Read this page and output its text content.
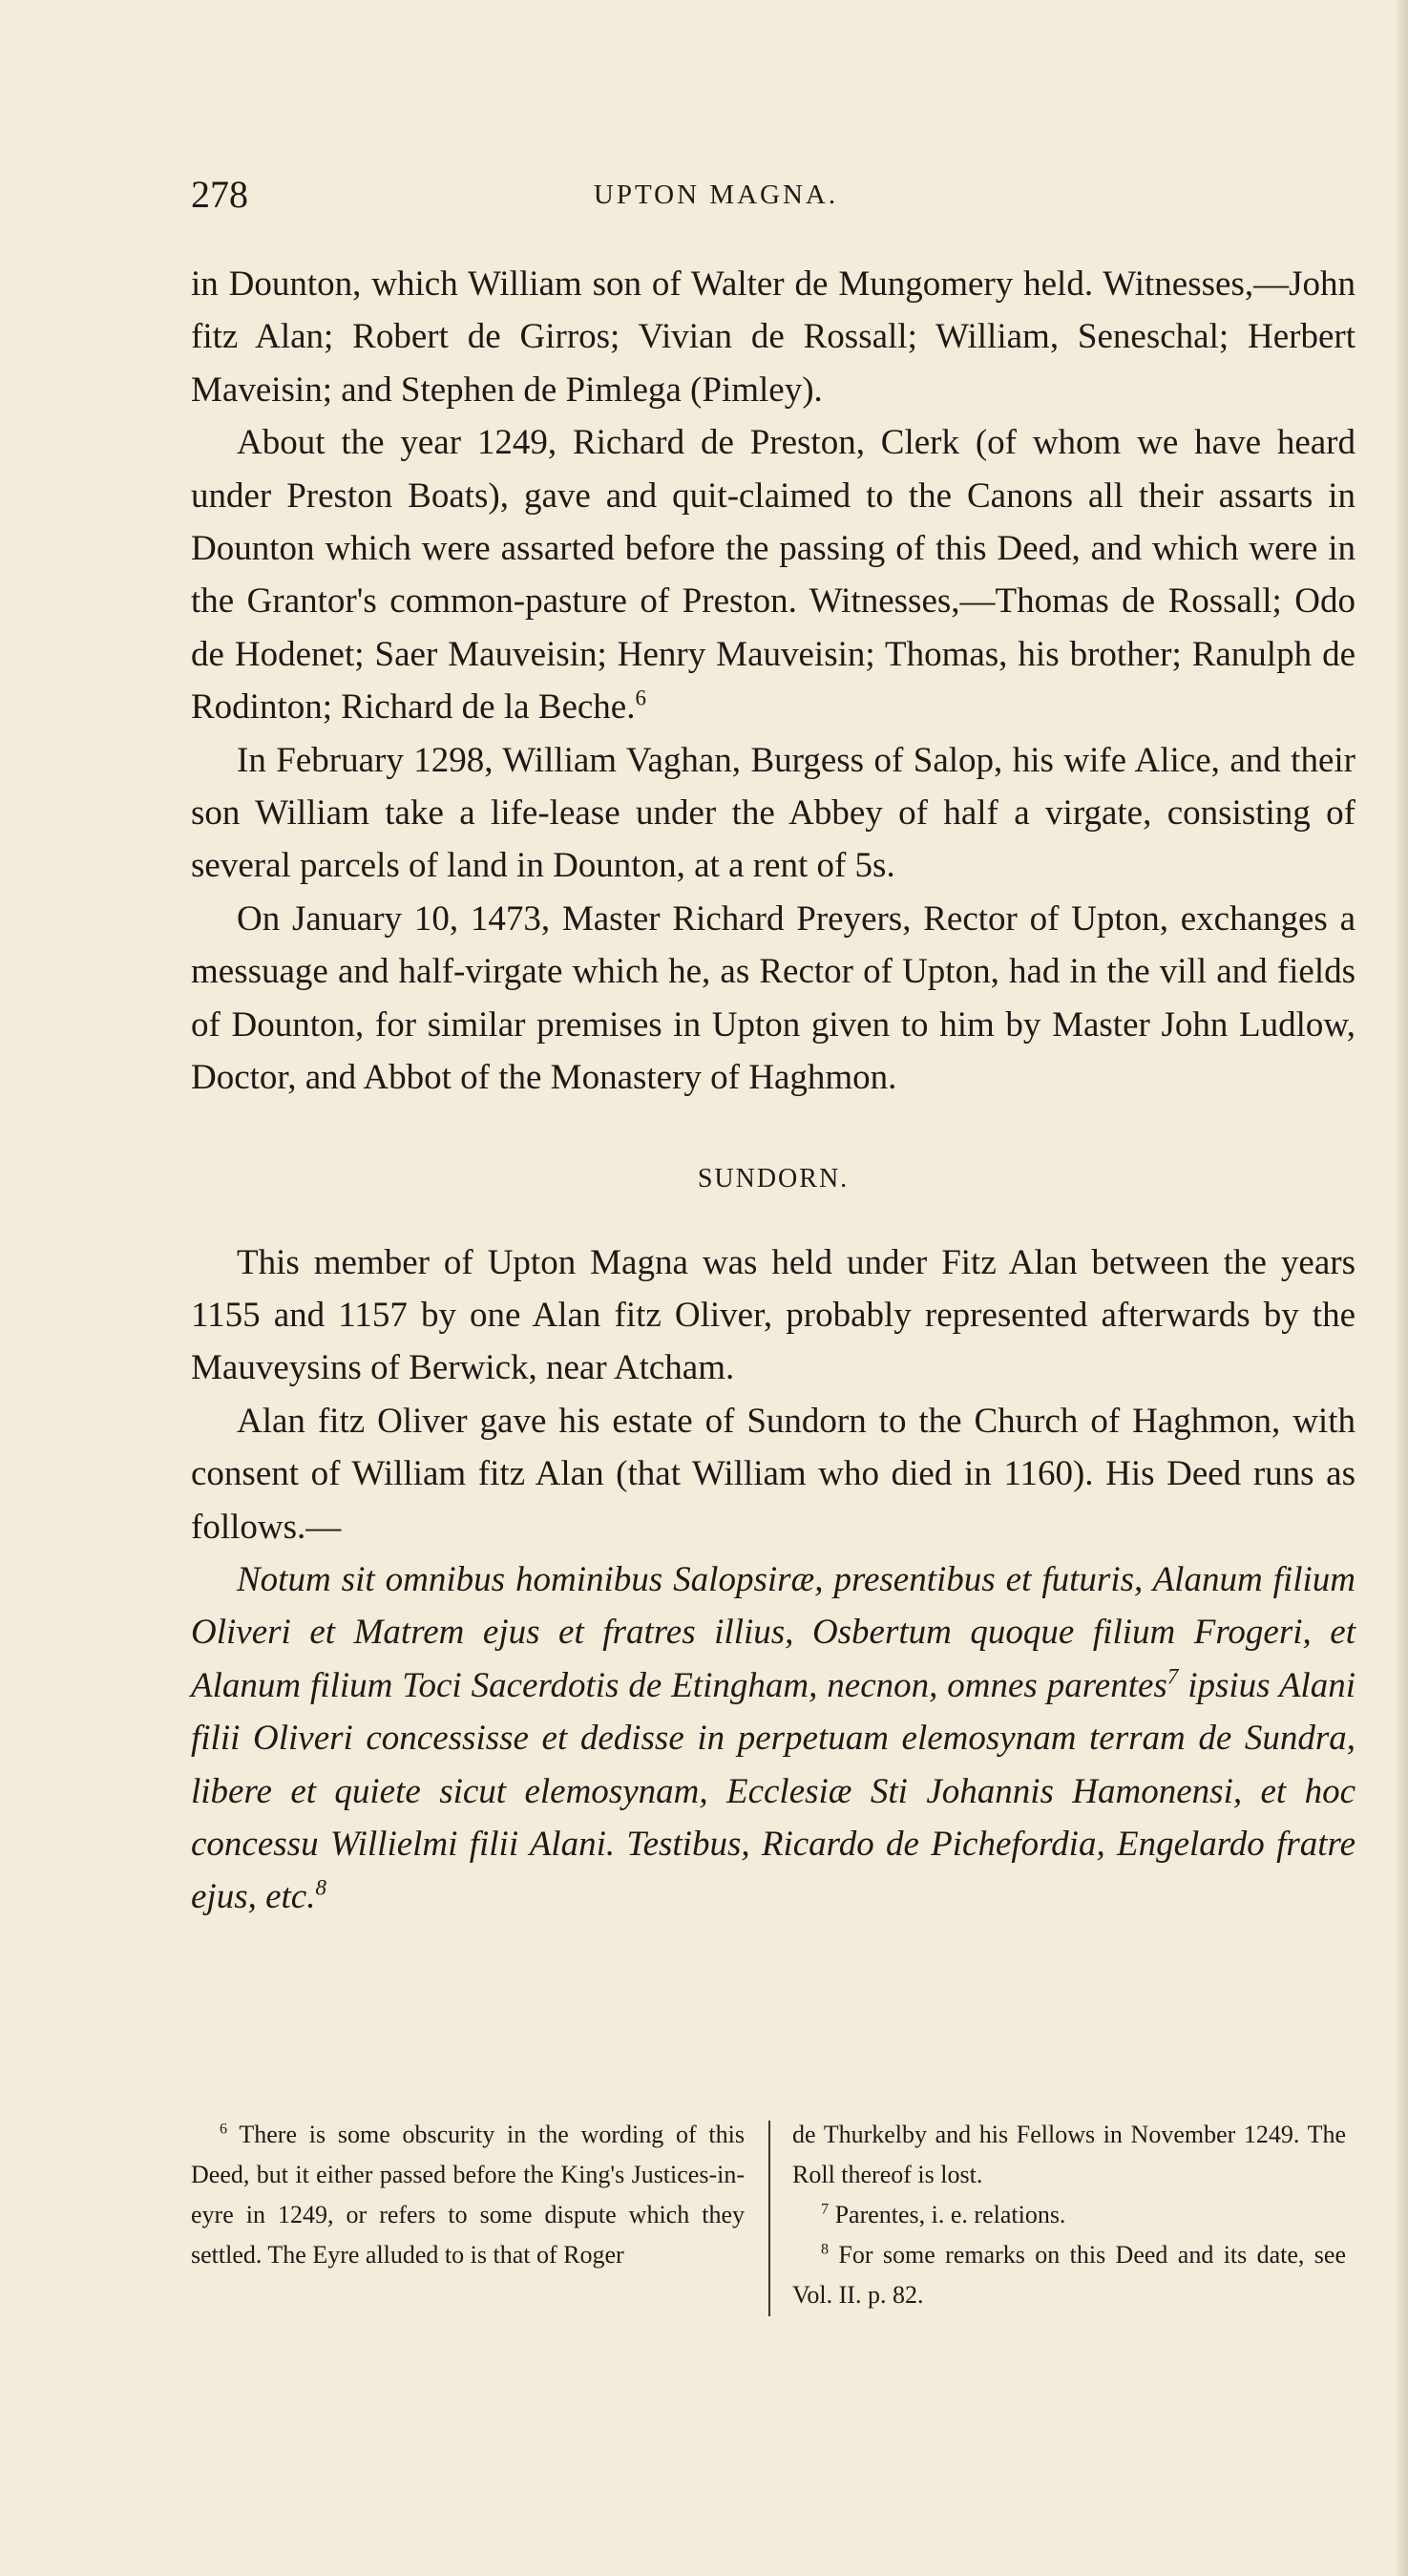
278	UPTON MAGNA.

in Dounton, which William son of Walter de Mungomery held. Witnesses,—John fitz Alan; Robert de Girros; Vivian de Rossall; William, Seneschal; Herbert Maveisin; and Stephen de Pimlega (Pimley).

About the year 1249, Richard de Preston, Clerk (of whom we have heard under Preston Boats), gave and quit-claimed to the Canons all their assarts in Dounton which were assarted before the passing of this Deed, and which were in the Grantor's common-pasture of Preston. Witnesses,—Thomas de Rossall; Odo de Hodenet; Saer Mauveisin; Henry Mauveisin; Thomas, his brother; Ranulph de Rodinton; Richard de la Beche.$^6$

In February 1298, William Vaghan, Burgess of Salop, his wife Alice, and their son William take a life-lease under the Abbey of half a virgate, consisting of several parcels of land in Dounton, at a rent of 5s.

On January 10, 1473, Master Richard Preyers, Rector of Upton, exchanges a messuage and half-virgate which he, as Rector of Upton, had in the vill and fields of Dounton, for similar premises in Upton given to him by Master John Ludlow, Doctor, and Abbot of the Monastery of Haghmon.

SUNDORN.

This member of Upton Magna was held under Fitz Alan between the years 1155 and 1157 by one Alan fitz Oliver, probably represented afterwards by the Mauveysins of Berwick, near Atcham.

Alan fitz Oliver gave his estate of Sundorn to the Church of Haghmon, with consent of William fitz Alan (that William who died in 1160). His Deed runs as follows.—

Notum sit omnibus hominibus Salopsiræ, presentibus et futuris, Alanum filium Oliveri et Matrem ejus et fratres illius, Osbertum quoque filium Frogeri, et Alanum filium Toci Sacerdotis de Etingham, necnon, omnes parentes$^7$ ipsius Alani filii Oliveri concessisse et dedisse in perpetuam elemosynam terram de Sundra, libere et quiete sicut elemosynam, Ecclesiæ Sti Johannis Hamonensi, et hoc concessu Willielmi filii Alani. Testibus, Ricardo de Pichefordia, Engelardo fratre ejus, etc.$^8$

$^6$ There is some obscurity in the wording of this Deed, but it either passed before the King's Justices-in-eyre in 1249, or refers to some dispute which they settled. The Eyre alluded to is that of Roger

de Thurkelby and his Fellows in November 1249. The Roll thereof is lost.

$^7$ Parentes, i. e. relations.

$^8$ For some remarks on this Deed and its date, see Vol. II. p. 82.
